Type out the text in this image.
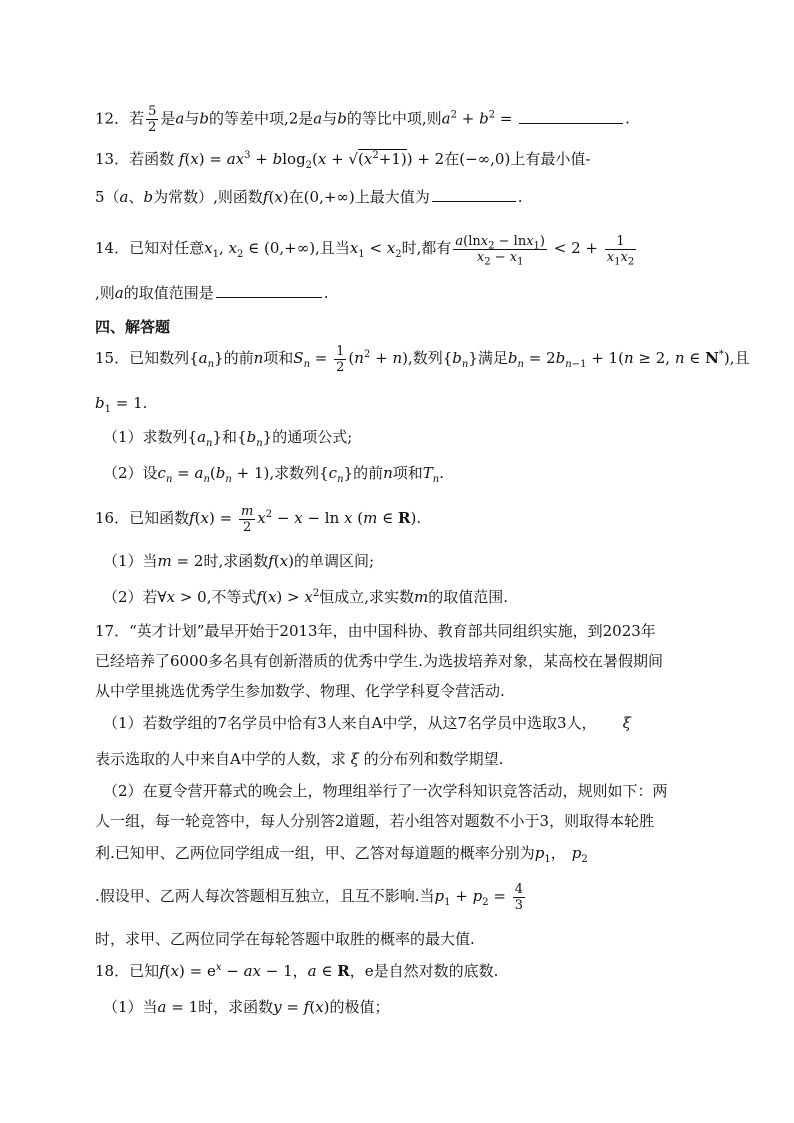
12．若 $\frac{5}{2}$ 是a与b的等差中项,2是a与b的等比中项,则$a^2 + b^2$ =	.
13．若函数 $f(x) = ax^3 + blog_2(x + √(x^2+1)) + 2$在(−∞,0)上有最小值-
5（a、b为常数）,则函数f(x)在(0,+∞)上最大值为	.
14．已知对任意$x_1$, $x_2$ ∈ (0,+∞),且当$x_1 < x_2$时,都有 $\frac{a(\ln x_2 - \ln x_1)}{x_2 - x_1} < 2 + \frac{1}{x_1x_2}$
,则a的取值范围是	.
四、解答题
15．已知数列$\{a_n\}$的前n项和$S_n = \frac{1}{2} (n^2 + n)$,数列$\{b_n\}$满足$b_n = 2b_{n-1} + 1(n \ge 2$, n ∈ N*),且
$b_1 = 1$.
（1）求数列$\{a_n\}$和$\{b_n\}$的通项公式;
（2）设$c_n = a_n(b_n + 1)$,求数列$\{c_n\}$的前n项和$T_n$.
16．已知函数$f(x) = \frac{m}{2} x^2 - x - \ln x$ (m ∈ R).
（1）当m = 2时,求函数f(x)的单调区间;
（2）若∀x > 0,不等式$f(x) > x^2$恒成立,求实数m的取值范围.
17．“英才计划”最早开始于2013年，由中国科协、教育部共同组织实施，到2023年
已经培养了6000多名具有创新潜质的优秀中学生.为选拔培养对象，某高校在暑假期间
从中学里挑选优秀学生参加数学、物理、化学学科夏令营活动.
（1）若数学组的7名学员中恰有3人来自A中学，从这7名学员中选取3人， ξ
表示选取的人中来自A中学的人数，求 ξ 的分布列和数学期望.
（2）在夏令营开幕式的晚会上，物理组举行了一次学科知识竞答活动，规则如下：两
人一组，每一轮竞答中，每人分别答2道题，若小组答对题数不小于3，则取得本轮胜
利.已知甲、乙两位同学组成一组，甲、乙答对每道题的概率分别为$p_1$， $p_2$
.假设甲、乙两人每次答题相互独立，且互不影响.当$p_1 + p_2 = \frac{4}{3}$
时，求甲、乙两位同学在每轮答题中取胜的概率的最大值.
18．已知$f(x) = e^x$ − ax − 1，a ∈ R，e是自然对数的底数.
（1）当a = 1时，求函数y = f(x)的极值；
